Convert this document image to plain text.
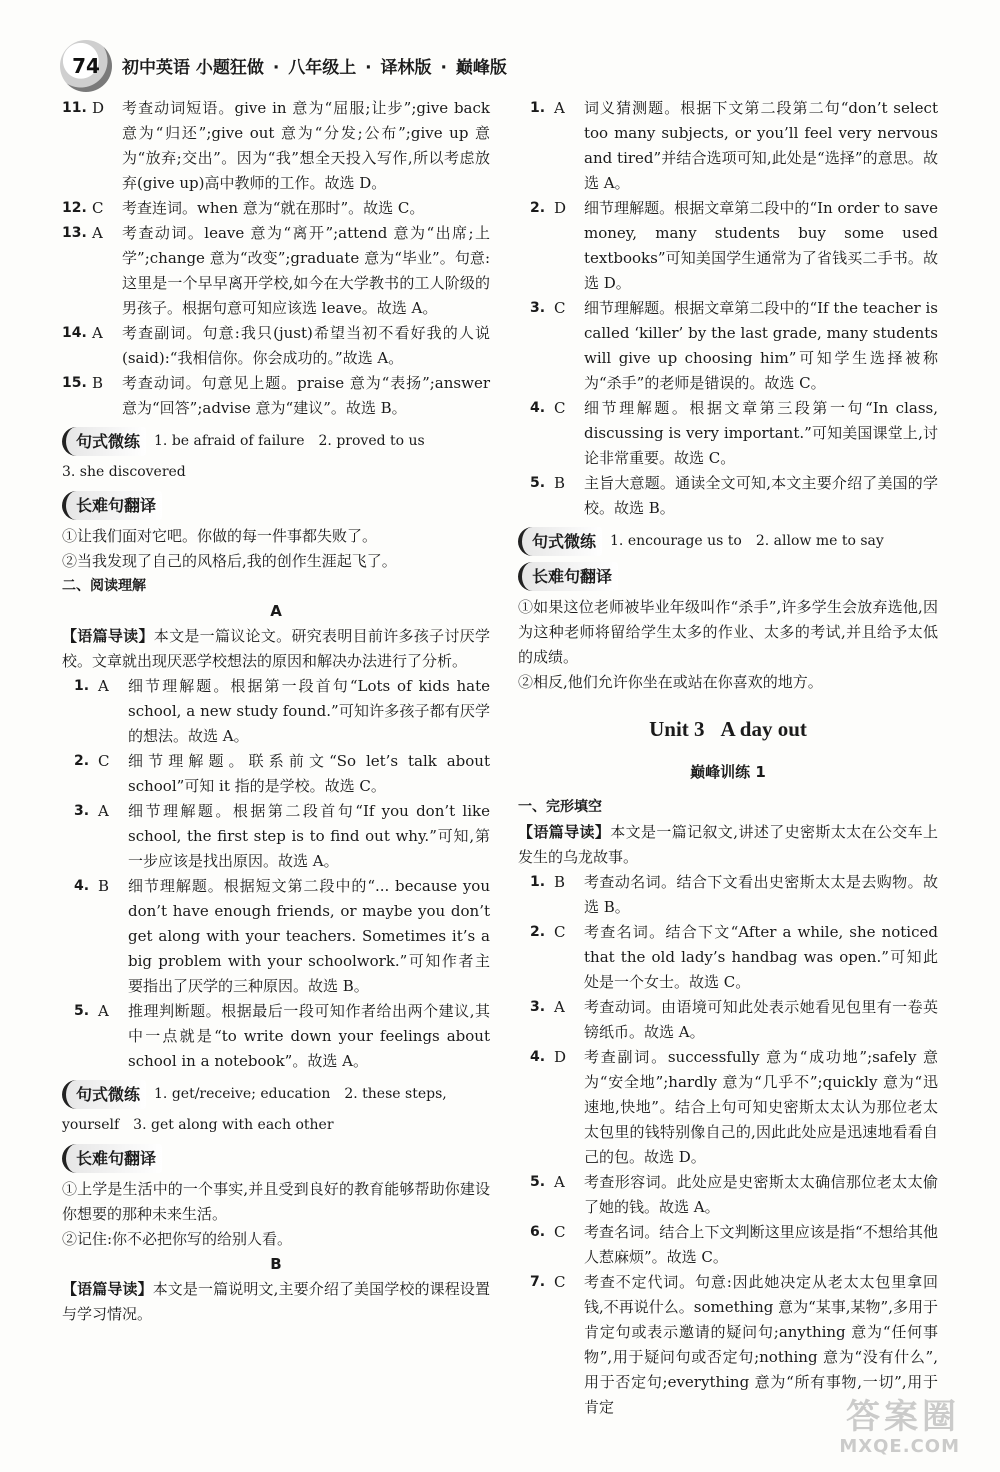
74	初中英语 小题狂做 · 八年级上 · 译林版 · 巅峰版
11. D	考查动词短语。give in 意为“屈服;让步”;give back 意为“归还”;give out 意为“分发;公布”;give up 意为“放弃;交出”。因为“我”想全天投入写作,所以考虑放弃(give up)高中教师的工作。故选 D。
12. C	考查连词。when 意为“就在那时”。故选 C。
13. A	考查动词。leave 意为“离开”;attend 意为“出席;上学”;change 意为“改变”;graduate 意为“毕业”。句意:这里是一个早早离开学校,如今在大学教书的工人阶级的男孩子。根据句意可知应该选 leave。故选 A。
14. A	考查副词。句意:我只(just)希望当初不看好我的人说(said):“我相信你。你会成功的。”故选 A。
15. B	考查动词。句意见上题。praise 意为“表扬”;answer 意为“回答”;advise 意为“建议”。故选 B。
句式微练	1. be afraid of failure　2. proved to us
3. she discovered
长难句翻译
①让我们面对它吧。你做的每一件事都失败了。
②当我发现了自己的风格后,我的创作生涯起飞了。
二、阅读理解
A
【语篇导读】本文是一篇议论文。研究表明目前许多孩子讨厌学校。文章就出现厌恶学校想法的原因和解决办法进行了分析。
1. A	细节理解题。根据第一段首句“Lots of kids hate school, a new study found.”可知许多孩子都有厌学的想法。故选 A。
2. C	细节理解题。联系前文“So let’s talk about school”可知 it 指的是学校。故选 C。
3. A	细节理解题。根据第二段首句“If you don’t like school, the first step is to find out why.”可知,第一步应该是找出原因。故选 A。
4. B	细节理解题。根据短文第二段中的“... because you don’t have enough friends, or maybe you don’t get along with your teachers. Sometimes it’s a big problem with your schoolwork.”可知作者主要指出了厌学的三种原因。故选 B。
5. A	推理判断题。根据最后一段可知作者给出两个建议,其中一点就是“to write down your feelings about school in a notebook”。故选 A。
句式微练	1. get/receive; education　2. these steps,
yourself　3. get along with each other
长难句翻译
①上学是生活中的一个事实,并且受到良好的教育能够帮助你建设你想要的那种未来生活。
②记住:你不必把你写的给别人看。
B
【语篇导读】本文是一篇说明文,主要介绍了美国学校的课程设置与学习情况。
1. A	词义猜测题。根据下文第二段第二句“don’t select too many subjects, or you’ll feel very nervous and tired”并结合选项可知,此处是“选择”的意思。故选 A。
2. D	细节理解题。根据文章第二段中的“In order to save money, many students buy some used textbooks”可知美国学生通常为了省钱买二手书。故选 D。
3. C	细节理解题。根据文章第二段中的“If the teacher is called ‘killer’ by the last grade, many students will give up choosing him”可知学生选择被称为“杀手”的老师是错误的。故选 C。
4. C	细节理解题。根据文章第三段第一句“In class, discussing is very important.”可知美国课堂上,讨论非常重要。故选 C。
5. B	主旨大意题。通读全文可知,本文主要介绍了美国的学校。故选 B。
句式微练	1. encourage us to　2. allow me to say
长难句翻译
①如果这位老师被毕业年级叫作“杀手”,许多学生会放弃选他,因为这种老师将留给学生太多的作业、太多的考试,并且给予太低的成绩。
②相反,他们允许你坐在或站在你喜欢的地方。
Unit 3 A day out
巅峰训练 1
一、完形填空
【语篇导读】本文是一篇记叙文,讲述了史密斯太太在公交车上发生的乌龙故事。
1. B	考查动名词。结合下文看出史密斯太太是去购物。故选 B。
2. C	考查名词。结合下文“After a while, she noticed that the old lady’s handbag was open.”可知此处是一个女士。故选 C。
3. A	考查动词。由语境可知此处表示她看见包里有一卷英镑纸币。故选 A。
4. D	考查副词。successfully 意为“成功地”;safely 意为“安全地”;hardly 意为“几乎不”;quickly 意为“迅速地,快地”。结合上句可知史密斯太太认为那位老太太包里的钱特别像自己的,因此此处应是迅速地看看自己的包。故选 D。
5. A	考查形容词。此处应是史密斯太太确信那位老太太偷了她的钱。故选 A。
6. C	考查名词。结合上下文判断这里应该是指“不想给其他人惹麻烦”。故选 C。
7. C	考查不定代词。句意:因此她决定从老太太包里拿回钱,不再说什么。something 意为“某事,某物”,多用于肯定句或表示邀请的疑问句;anything 意为“任何事物”,用于疑问句或否定句;nothing 意为“没有什么”,用于否定句;everything 意为“所有事物,一切”,用于肯定	答案圈
MXQE.COM
